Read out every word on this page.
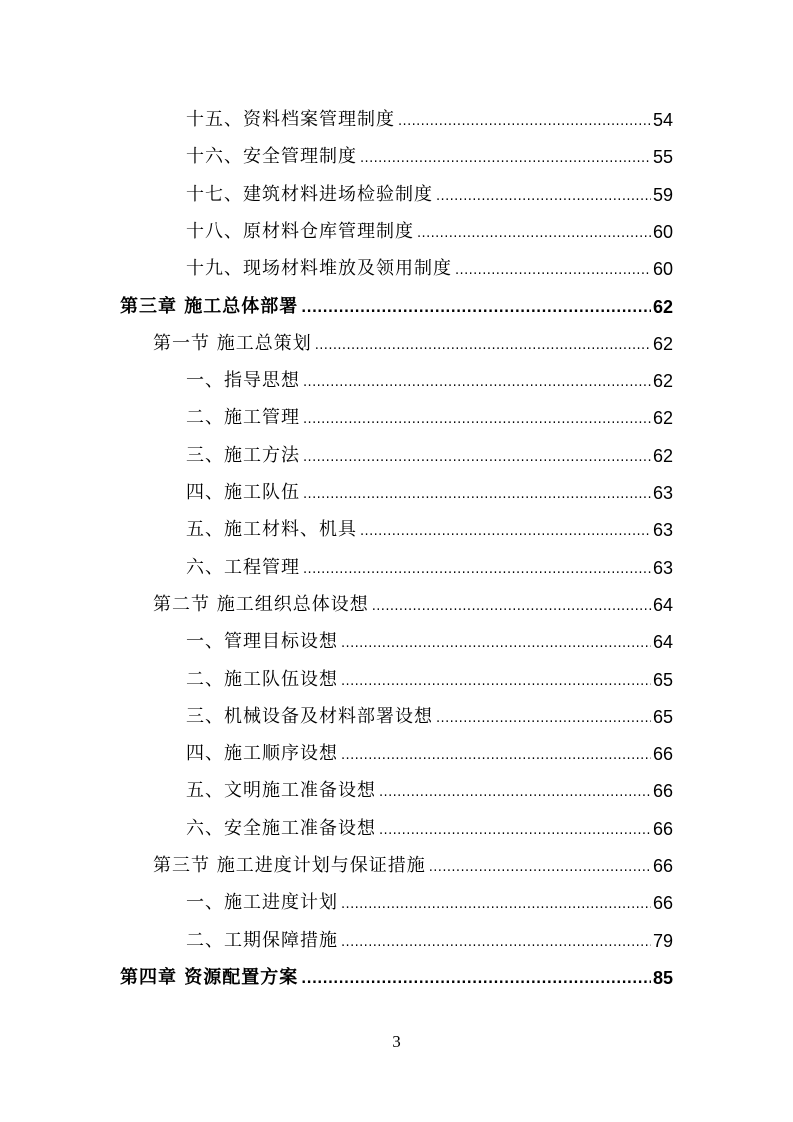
十五、资料档案管理制度 .....	54
十六、安全管理制度 .....	55
十七、建筑材料进场检验制度 .....	59
十八、原材料仓库管理制度 .....	60
十九、现场材料堆放及领用制度 .....	60
第三章 施工总体部署 .....	62
第一节 施工总策划 .....	62
一、指导思想 .....	62
二、施工管理 .....	62
三、施工方法 .....	62
四、施工队伍 .....	63
五、施工材料、机具 .....	63
六、工程管理 .....	63
第二节 施工组织总体设想 .....	64
一、管理目标设想 .....	64
二、施工队伍设想 .....	65
三、机械设备及材料部署设想 .....	65
四、施工顺序设想 .....	66
五、文明施工准备设想 .....	66
六、安全施工准备设想 .....	66
第三节 施工进度计划与保证措施 .....	66
一、施工进度计划 .....	66
二、工期保障措施 .....	79
第四章 资源配置方案 .....	85
3
